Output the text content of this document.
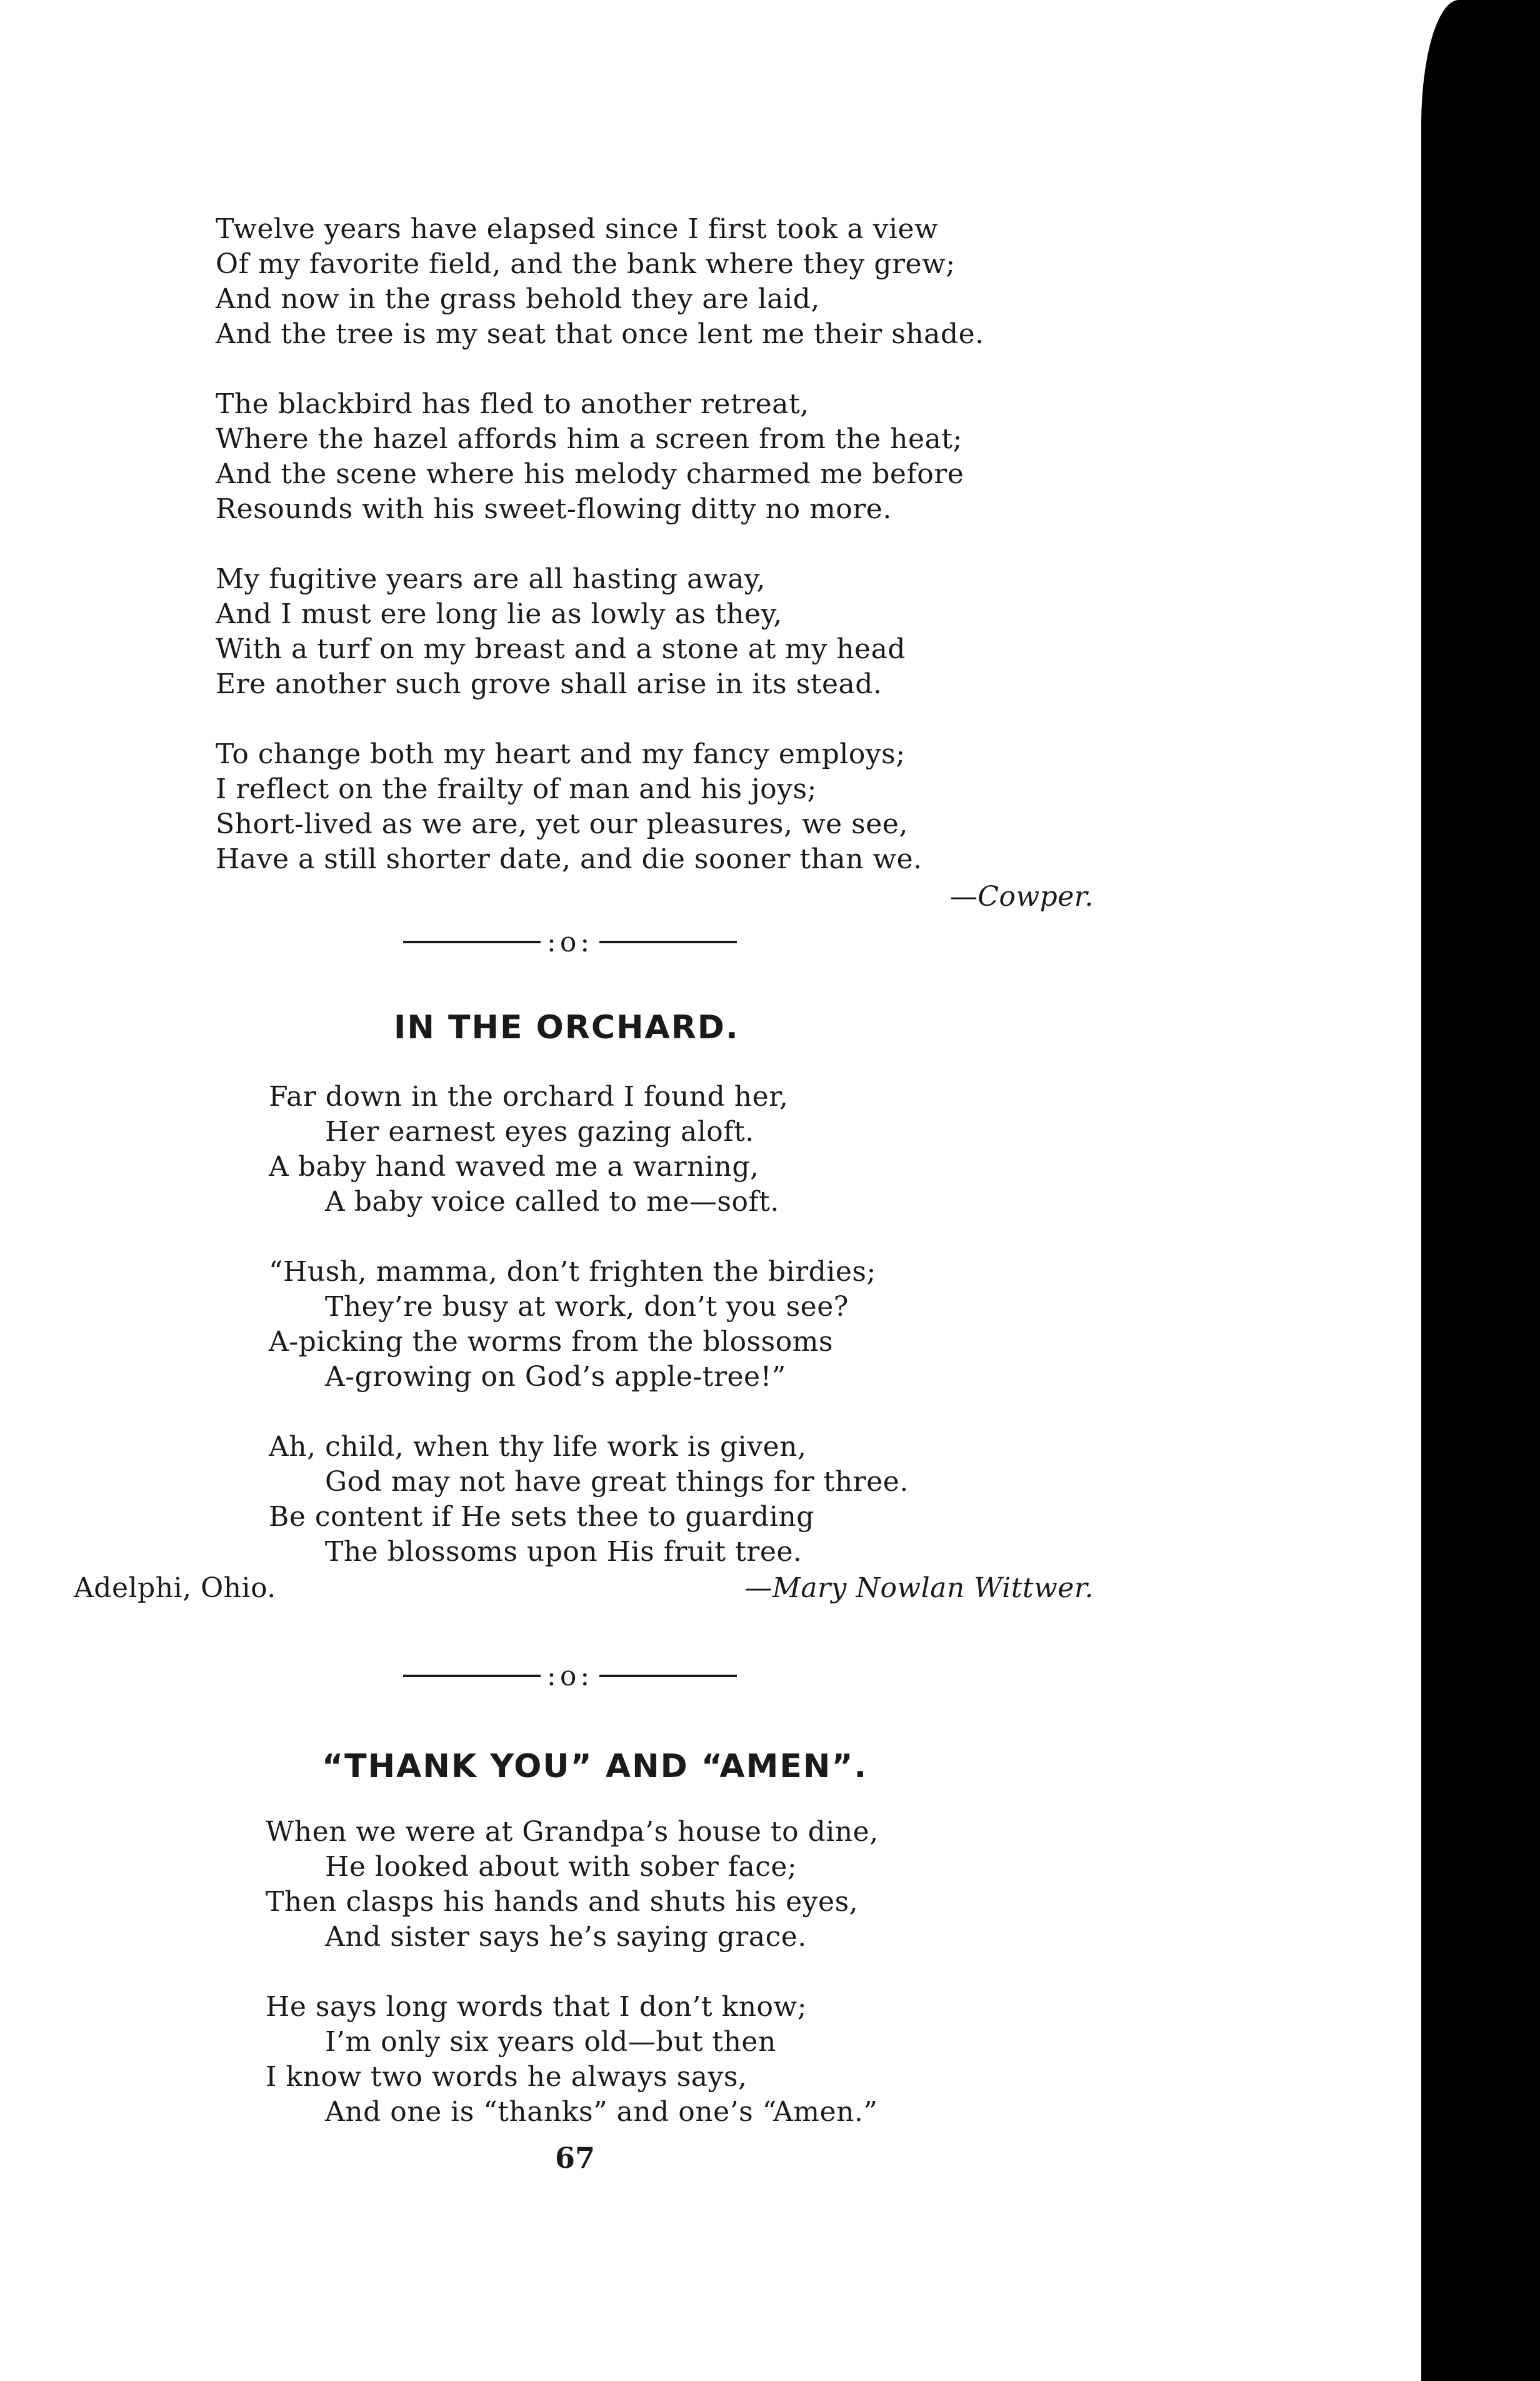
Twelve years have elapsed since I first took a view
Of my favorite field, and the bank where they grew;
And now in the grass behold they are laid,
And the tree is my seat that once lent me their shade.
The blackbird has fled to another retreat,
Where the hazel affords him a screen from the heat;
And the scene where his melody charmed me before
Resounds with his sweet-flowing ditty no more.
My fugitive years are all hasting away,
And I must ere long lie as lowly as they,
With a turf on my breast and a stone at my head
Ere another such grove shall arise in its stead.
To change both my heart and my fancy employs;
I reflect on the frailty of man and his joys;
Short-lived as we are, yet our pleasures, we see,
Have a still shorter date, and die sooner than we.
—Cowper.
:o:
IN THE ORCHARD.
Far down in the orchard I found her,
Her earnest eyes gazing aloft.
A baby hand waved me a warning,
A baby voice called to me—soft.
“Hush, mamma, don’t frighten the birdies;
They’re busy at work, don’t you see?
A-picking the worms from the blossoms
A-growing on God’s apple-tree!”
Ah, child, when thy life work is given,
God may not have great things for three.
Be content if He sets thee to guarding
The blossoms upon His fruit tree.
Adelphi, Ohio.	—Mary Nowlan Wittwer.
:o:
“THANK YOU” AND “AMEN”.
When we were at Grandpa’s house to dine,
He looked about with sober face;
Then clasps his hands and shuts his eyes,
And sister says he’s saying grace.
He says long words that I don’t know;
I’m only six years old—but then
I know two words he always says,
And one is “thanks” and one’s “Amen.”
67
